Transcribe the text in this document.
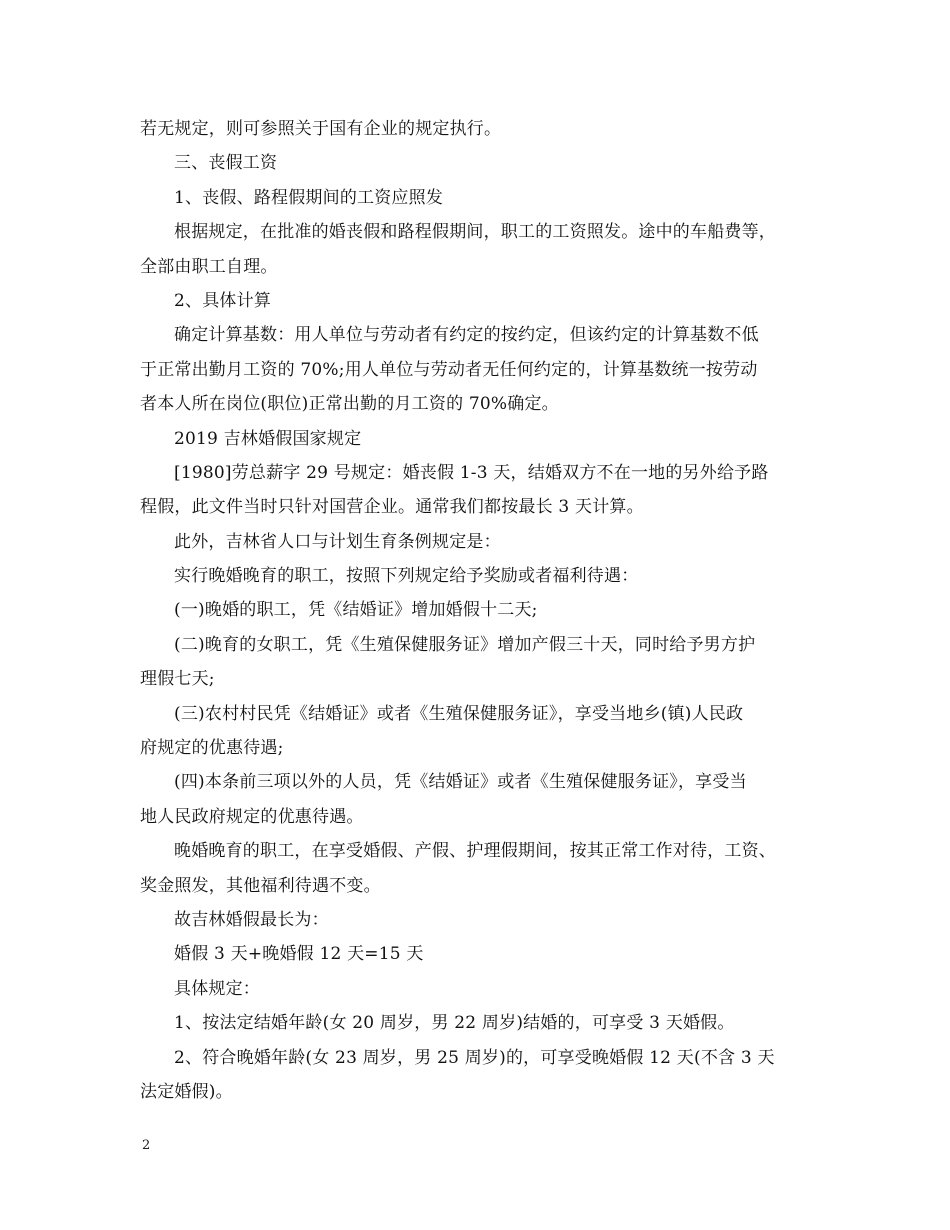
若无规定，则可参照关于国有企业的规定执行。
三、丧假工资
1、丧假、路程假期间的工资应照发
根据规定，在批准的婚丧假和路程假期间，职工的工资照发。途中的车船费等，
全部由职工自理。
2、具体计算
确定计算基数：用人单位与劳动者有约定的按约定，但该约定的计算基数不低
于正常出勤月工资的 70%;用人单位与劳动者无任何约定的，计算基数统一按劳动
者本人所在岗位(职位)正常出勤的月工资的 70%确定。
2019 吉林婚假国家规定
[1980]劳总薪字 29 号规定：婚丧假 1-3 天，结婚双方不在一地的另外给予路
程假，此文件当时只针对国营企业。通常我们都按最长 3 天计算。
此外，吉林省人口与计划生育条例规定是：
实行晚婚晚育的职工，按照下列规定给予奖励或者福利待遇：
(一)晚婚的职工，凭《结婚证》增加婚假十二天;
(二)晚育的女职工，凭《生殖保健服务证》增加产假三十天，同时给予男方护
理假七天;
(三)农村村民凭《结婚证》或者《生殖保健服务证》，享受当地乡(镇)人民政
府规定的优惠待遇;
(四)本条前三项以外的人员，凭《结婚证》或者《生殖保健服务证》，享受当
地人民政府规定的优惠待遇。
晚婚晚育的职工，在享受婚假、产假、护理假期间，按其正常工作对待，工资、
奖金照发，其他福利待遇不变。
故吉林婚假最长为：
婚假 3 天+晚婚假 12 天=15 天
具体规定：
1、按法定结婚年龄(女 20 周岁，男 22 周岁)结婚的，可享受 3 天婚假。
2、符合晚婚年龄(女 23 周岁，男 25 周岁)的，可享受晚婚假 12 天(不含 3 天
法定婚假)。
2
